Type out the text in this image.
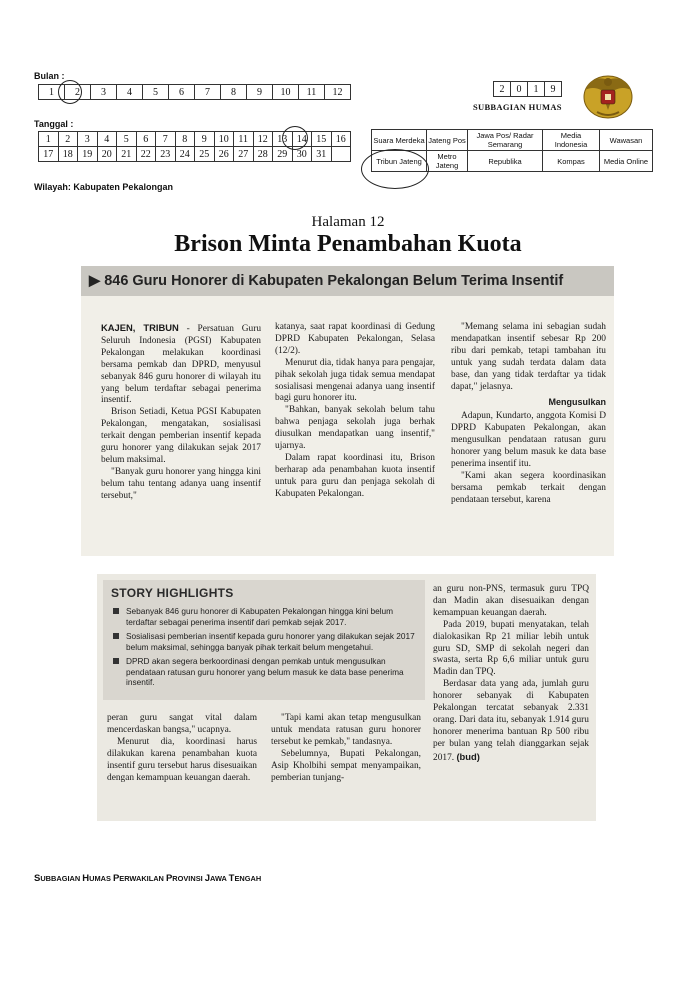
Bulan :
1	2	3	4	5	6	7	8	9	10	11	12
Tanggal :
1	2	3	4	5	6	7	8	9	10	11	12	13	14	15	16
17	18	19	20	21	22	23	24	25	26	27	28	29	30	31	
2	0	1	9
SUBBAGIAN HUMAS
Suara Merdeka	Jateng Pos	Jawa Pos/ Radar Semarang	Media Indonesia	Wawasan
Tribun Jateng	Metro Jateng	Republika	Kompas	Media Online
Wilayah: Kabupaten Pekalongan
Halaman 12
Brison Minta Penambahan Kuota
▶ 846 Guru Honorer di Kabupaten Pekalongan Belum Terima Insentif

KAJEN, TRIBUN - Persatuan Guru Seluruh Indonesia (PGSI) Kabupaten Pekalongan melakukan koordinasi bersama pemkab dan DPRD, menyusul sebanyak 846 guru honorer di wilayah itu yang belum terdaftar sebagai penerima insentif.

Brison Setiadi, Ketua PGSI Kabupaten Pekalongan, mengatakan, sosialisasi terkait dengan pemberian insentif kepada guru honorer yang dilakukan sejak 2017 belum maksimal.

"Banyak guru honorer yang hingga kini belum tahu tentang adanya uang insentif tersebut,"

katanya, saat rapat koordinasi di Gedung DPRD Kabupaten Pekalongan, Selasa (12/2).

Menurut dia, tidak hanya para pengajar, pihak sekolah juga tidak semua mendapat sosialisasi mengenai adanya uang insentif bagi guru honorer itu.

"Bahkan, banyak sekolah belum tahu bahwa penjaga sekolah juga berhak diusulkan mendapatkan uang insentif," ujarnya.

Dalam rapat koordinasi itu, Brison berharap ada penambahan kuota insentif untuk para guru dan penjaga sekolah di Kabupaten Pekalongan.

"Memang selama ini sebagian sudah mendapatkan insentif sebesar Rp 200 ribu dari pemkab, tetapi tambahan itu untuk yang sudah terdata dalam data base, dan yang tidak terdaftar ya tidak dapat," jelasnya.

Mengusulkan

Adapun, Kundarto, anggota Komisi D DPRD Kabupaten Pekalongan, akan mengusulkan pendataan ratusan guru honorer yang belum masuk ke data base penerima insentif itu.

"Kami akan segera koordinasikan bersama pemkab terkait dengan pendataan tersebut, karena

STORY HIGHLIGHTS
Sebanyak 846 guru honorer di Kabupaten Pekalongan hingga kini belum terdaftar sebagai penerima insentif dari pemkab sejak 2017.
Sosialisasi pemberian insentif kepada guru honorer yang dilakukan sejak 2017 belum maksimal, sehingga banyak pihak terkait belum mengetahui.
DPRD akan segera berkoordinasi dengan pemkab untuk mengusulkan pendataan ratusan guru honorer yang belum masuk ke data base penerima insentif.

peran guru sangat vital dalam mencerdaskan bangsa," ucapnya.

Menurut dia, koordinasi harus dilakukan karena penambahan kuota insentif guru tersebut harus disesuaikan dengan kemampuan keuangan daerah.

"Tapi kami akan tetap mengusulkan untuk mendata ratusan guru honorer tersebut ke pemkab," tandasnya.

Sebelumnya, Bupati Pekalongan, Asip Kholbihi sempat menyampaikan, pemberian tunjang-

an guru non-PNS, termasuk guru TPQ dan Madin akan disesuaikan dengan kemampuan keuangan daerah.

Pada 2019, bupati menyatakan, telah dialokasikan Rp 21 miliar lebih untuk guru SD, SMP di sekolah negeri dan swasta, serta Rp 6,6 miliar untuk guru Madin dan TPQ.

Berdasar data yang ada, jumlah guru honorer sebanyak di Kabupaten Pekalongan tercatat sebanyak 2.331 orang. Dari data itu, sebanyak 1.914 guru honorer menerima bantuan Rp 500 ribu per bulan yang telah dianggarkan sejak 2017. (bud)

SUBBAGIAN HUMAS PERWAKILAN PROVINSI JAWA TENGAH
